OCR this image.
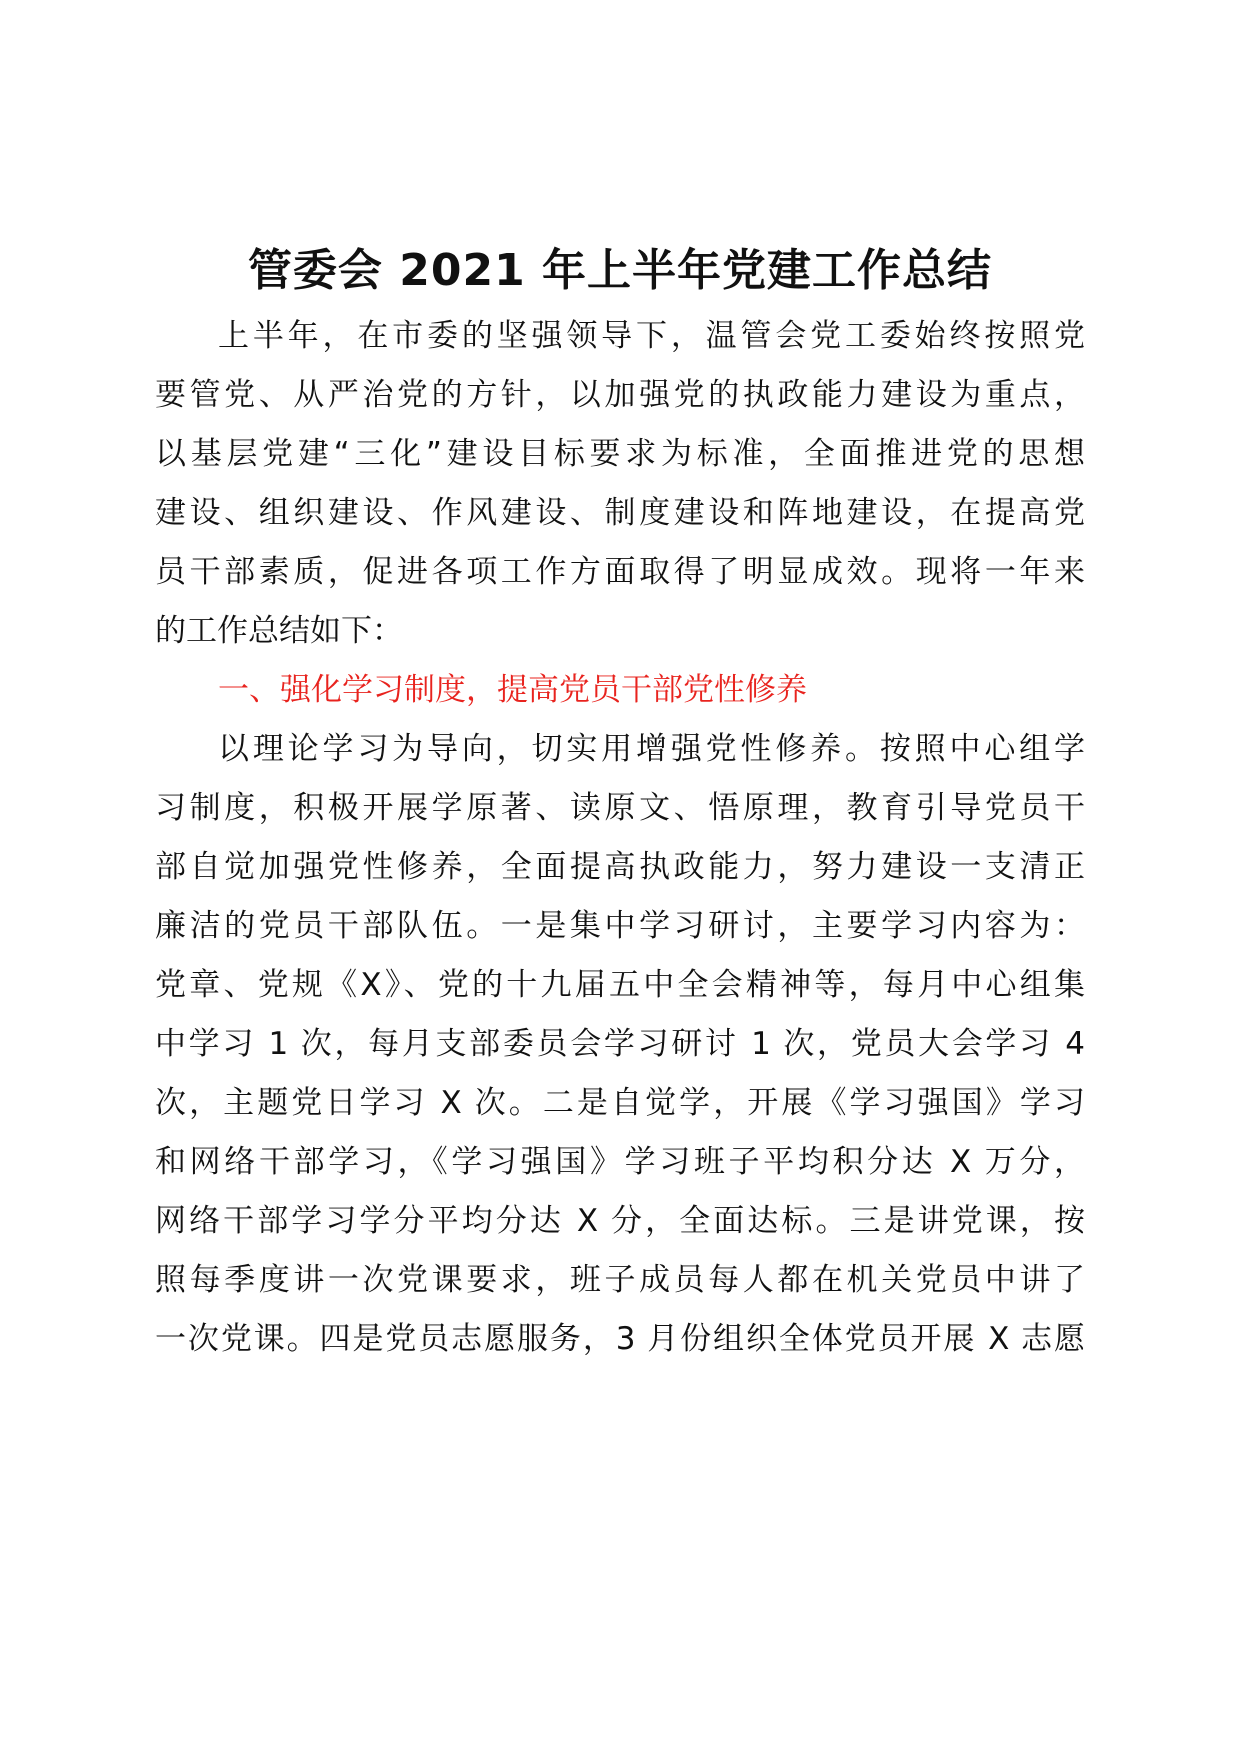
管委会 2021 年上半年党建工作总结
上半年，在市委的坚强领导下，温管会党工委始终按照党
要管党、从严治党的方针，以加强党的执政能力建设为重点，
以基层党建“三化”建设目标要求为标准，全面推进党的思想
建设、组织建设、作风建设、制度建设和阵地建设，在提高党
员干部素质，促进各项工作方面取得了明显成效。现将一年来
的工作总结如下：
一、强化学习制度，提高党员干部党性修养
以理论学习为导向，切实用增强党性修养。按照中心组学
习制度，积极开展学原著、读原文、悟原理，教育引导党员干
部自觉加强党性修养，全面提高执政能力，努力建设一支清正
廉洁的党员干部队伍。一是集中学习研讨，主要学习内容为：
党章、党规《X》、党的十九届五中全会精神等，每月中心组集
中学习 1 次，每月支部委员会学习研讨 1 次，党员大会学习 4
次，主题党日学习 X 次。二是自觉学，开展《学习强国》学习
和网络干部学习，《学习强国》学习班子平均积分达 X 万分，
网络干部学习学分平均分达 X 分，全面达标。三是讲党课，按
照每季度讲一次党课要求，班子成员每人都在机关党员中讲了
一次党课。四是党员志愿服务，3 月份组织全体党员开展 X 志愿
